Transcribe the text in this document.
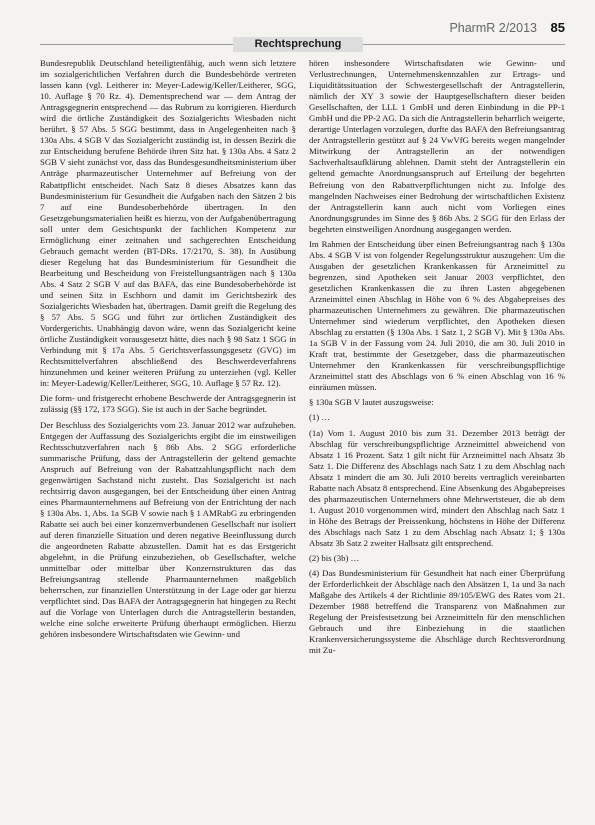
PharmR 2/2013 85
Rechtsprechung

Bundesrepublik Deutschland beteiligtenfähig, auch wenn sich letztere im sozialgerichtlichen Verfahren durch die Bundesbehörde vertreten lassen kann (vgl. Leitherer in: Meyer-Ladewig/Keller/Leitherer, SGG, 10. Auflage § 70 Rz. 4). Dementsprechend war — dem Antrag der Antragsgegnerin entsprechend — das Rubrum zu korrigieren. Hierdurch wird die örtliche Zuständigkeit des Sozialgerichts Wiesbaden nicht berührt. § 57 Abs. 5 SGG bestimmt, dass in Angelegenheiten nach § 130a Abs. 4 SGB V das Sozialgericht zuständig ist, in dessen Bezirk die zur Entscheidung berufene Behörde ihren Sitz hat. § 130a Abs. 4 Satz 2 SGB V sieht zunächst vor, dass das Bundesgesundheitsministerium über Anträge pharmazeutischer Unternehmer auf Befreiung von der Rabattpflicht entscheidet. Nach Satz 8 dieses Absatzes kann das Bundesministerium für Gesundheit die Aufgaben nach den Sätzen 2 bis 7 auf eine Bundesoberbehörde übertragen. In den Gesetzgebungsmaterialien heißt es hierzu, von der Aufgabenübertragung soll unter dem Gesichtspunkt der fachlichen Kompetenz zur Ermöglichung einer zeitnahen und sachgerechten Entscheidung Gebrauch gemacht werden (BT-DRs. 17/2170, S. 38). In Ausübung dieser Regelung hat das Bundesministerium für Gesundheit die Bearbeitung und Bescheidung von Freistellungsanträgen nach § 130a Abs. 4 Satz 2 SGB V auf das BAFA, das eine Bundesoberbehörde ist und seinen Sitz in Eschborn und damit im Gerichtsbezirk des Sozialgerichts Wiesbaden hat, übertragen. Damit greift die Regelung des § 57 Abs. 5 SGG und führt zur örtlichen Zuständigkeit des Vordergerichts. Unabhängig davon wäre, wenn das Sozialgericht keine örtliche Zuständigkeit vorausgesetzt hätte, dies nach § 98 Satz 1 SGG in Verbindung mit § 17a Abs. 5 Gerichtsverfassungsgesetz (GVG) im Rechtsmittelverfahren abschließend des Beschwerdeverfahrens hinzunehmen und keiner weiteren Prüfung zu unterziehen (vgl. Keller in: Meyer-Ladewig/Keller/Leitherer, SGG, 10. Auflage § 57 Rz. 12).

Die form- und fristgerecht erhobene Beschwerde der Antragsgegnerin ist zulässig (§§ 172, 173 SGG). Sie ist auch in der Sache begründet.

Der Beschluss des Sozialgerichts vom 23. Januar 2012 war aufzuheben. Entgegen der Auffassung des Sozialgerichts ergibt die im einstweiligen Rechtsschutzverfahren nach § 86b Abs. 2 SGG erforderliche summarische Prüfung, dass der Antragstellerin der geltend gemachte Anspruch auf Befreiung von der Rabattzahlungspflicht nach dem gegenwärtigen Sachstand nicht zusteht. Das Sozialgericht ist nach rechtsirrig davon ausgegangen, bei der Entscheidung über einen Antrag eines Pharmaunternehmens auf Befreiung von der Entrichtung der nach § 130a Abs. 1, Abs. 1a SGB V sowie nach § 1 AMRabG zu erbringenden Rabatte sei auch bei einer konzernverbundenen Gesellschaft nur isoliert auf deren finanzielle Situation und deren negative Beeinflussung durch die angeordneten Rabatte abzustellen. Damit hat es das Erstgericht abgelehnt, in die Prüfung einzubeziehen, ob Gesellschafter, welche unmittelbar oder mittelbar über Konzernstrukturen das das Befreiungsantrag stellende Pharmaunternehmen maßgeblich beherrschen, zur finanziellen Unterstützung in der Lage oder gar hierzu verpflichtet sind. Das BAFA der Antragsgegnerin hat hingegen zu Recht auf die Vorlage von Unterlagen durch die Antragstellerin bestanden, welche eine solche erweiterte Prüfung überhaupt ermöglichen. Hierzu gehören insbesondere Wirtschaftsdaten wie Gewinn- und

hören insbesondere Wirtschaftsdaten wie Gewinn- und Verlustrechnungen, Unternehmenskennzahlen zur Ertrags- und Liquiditätssituation der Schwestergesellschaft der Antragstellerin, nämlich der XY 3 sowie der Hauptgesellschaftern dieser beiden Gesellschaften, der LLL 1 GmbH und deren Einbindung in die PP-1 GmbH und die PP-2 AG. Da sich die Antragstellerin beharrlich weigerte, derartige Unterlagen vorzulegen, durfte das BAFA den Befreiungsantrag der Antragstellerin gestützt auf § 24 VwVfG bereits wegen mangelnder Mitwirkung der Antragstellerin an der notwendigen Sachverhaltsaufklärung ablehnen. Damit steht der Antragstellerin ein geltend gemachte Anordnungsanspruch auf Erteilung der begehrten Befreiung von den Rabattverpflichtungen nicht zu. Infolge des mangelnden Nachweises einer Bedrohung der wirtschaftlichen Existenz der Antragstellerin kann auch nicht vom Vorliegen eines Anordnungsgrundes im Sinne des § 86b Abs. 2 SGG für den Erlass der begehrten einstweiligen Anordnung ausgegangen werden.

Im Rahmen der Entscheidung über einen Befreiungsantrag nach § 130a Abs. 4 SGB V ist von folgender Regelungsstruktur auszugehen: Um die Ausgaben der gesetzlichen Krankenkassen für Arzneimittel zu begrenzen, sind Apotheken seit Januar 2003 verpflichtet, den gesetzlichen Krankenkassen die zu ihren Lasten abgegebenen Arzneimittel einen Abschlag in Höhe von 6 % des Abgabepreises des pharmazeutischen Unternehmers zu gewähren. Die pharmazeutischen Unternehmer sind wiederum verpflichtet, den Apotheken diesen Abschlag zu erstatten (§ 130a Abs. 1 Satz 1, 2 SGB V). Mit § 130a Abs. 1a SGB V in der Fassung vom 24. Juli 2010, die am 30. Juli 2010 in Kraft trat, bestimmte der Gesetzgeber, dass die pharmazeutischen Unternehmer den Krankenkassen für verschreibungspflichtige Arzneimittel statt des Abschlags von 6 % einen Abschlag von 16 % einräumen müssen.

§ 130a SGB V lautet auszugsweise:

(1) …

(1a) Vom 1. August 2010 bis zum 31. Dezember 2013 beträgt der Abschlag für verschreibungspflichtige Arzneimittel abweichend von Absatz 1 16 Prozent. Satz 1 gilt nicht für Arzneimittel nach Absatz 3b Satz 1. Die Differenz des Abschlags nach Satz 1 zu dem Abschlag nach Absatz 1 mindert die am 30. Juli 2010 bereits vertraglich vereinbarten Rabatte nach Absatz 8 entsprechend. Eine Absenkung des Abgabepreises des pharmazeutischen Unternehmers ohne Mehrwertsteuer, die ab dem 1. August 2010 vorgenommen wird, mindert den Abschlag nach Satz 1 in Höhe des Betrags der Preissenkung, höchstens in Höhe der Differenz des Abschlags nach Satz 1 zu dem Abschlag nach Absatz 1; § 130a Absatz 3b Satz 2 zweiter Halbsatz gilt entsprechend.

(2) bis (3b) …

(4) Das Bundesministerium für Gesundheit hat nach einer Überprüfung der Erforderlichkeit der Abschläge nach den Absätzen 1, 1a und 3a nach Maßgabe des Artikels 4 der Richtlinie 89/105/EWG des Rates vom 21. Dezember 1988 betreffend die Transparenz von Maßnahmen zur Regelung der Preisfestsetzung bei Arzneimitteln für den menschlichen Gebrauch und ihre Einbeziehung in die staatlichen Krankenversicherungssysteme die Abschläge durch Rechtsverordnung mit Zu-
